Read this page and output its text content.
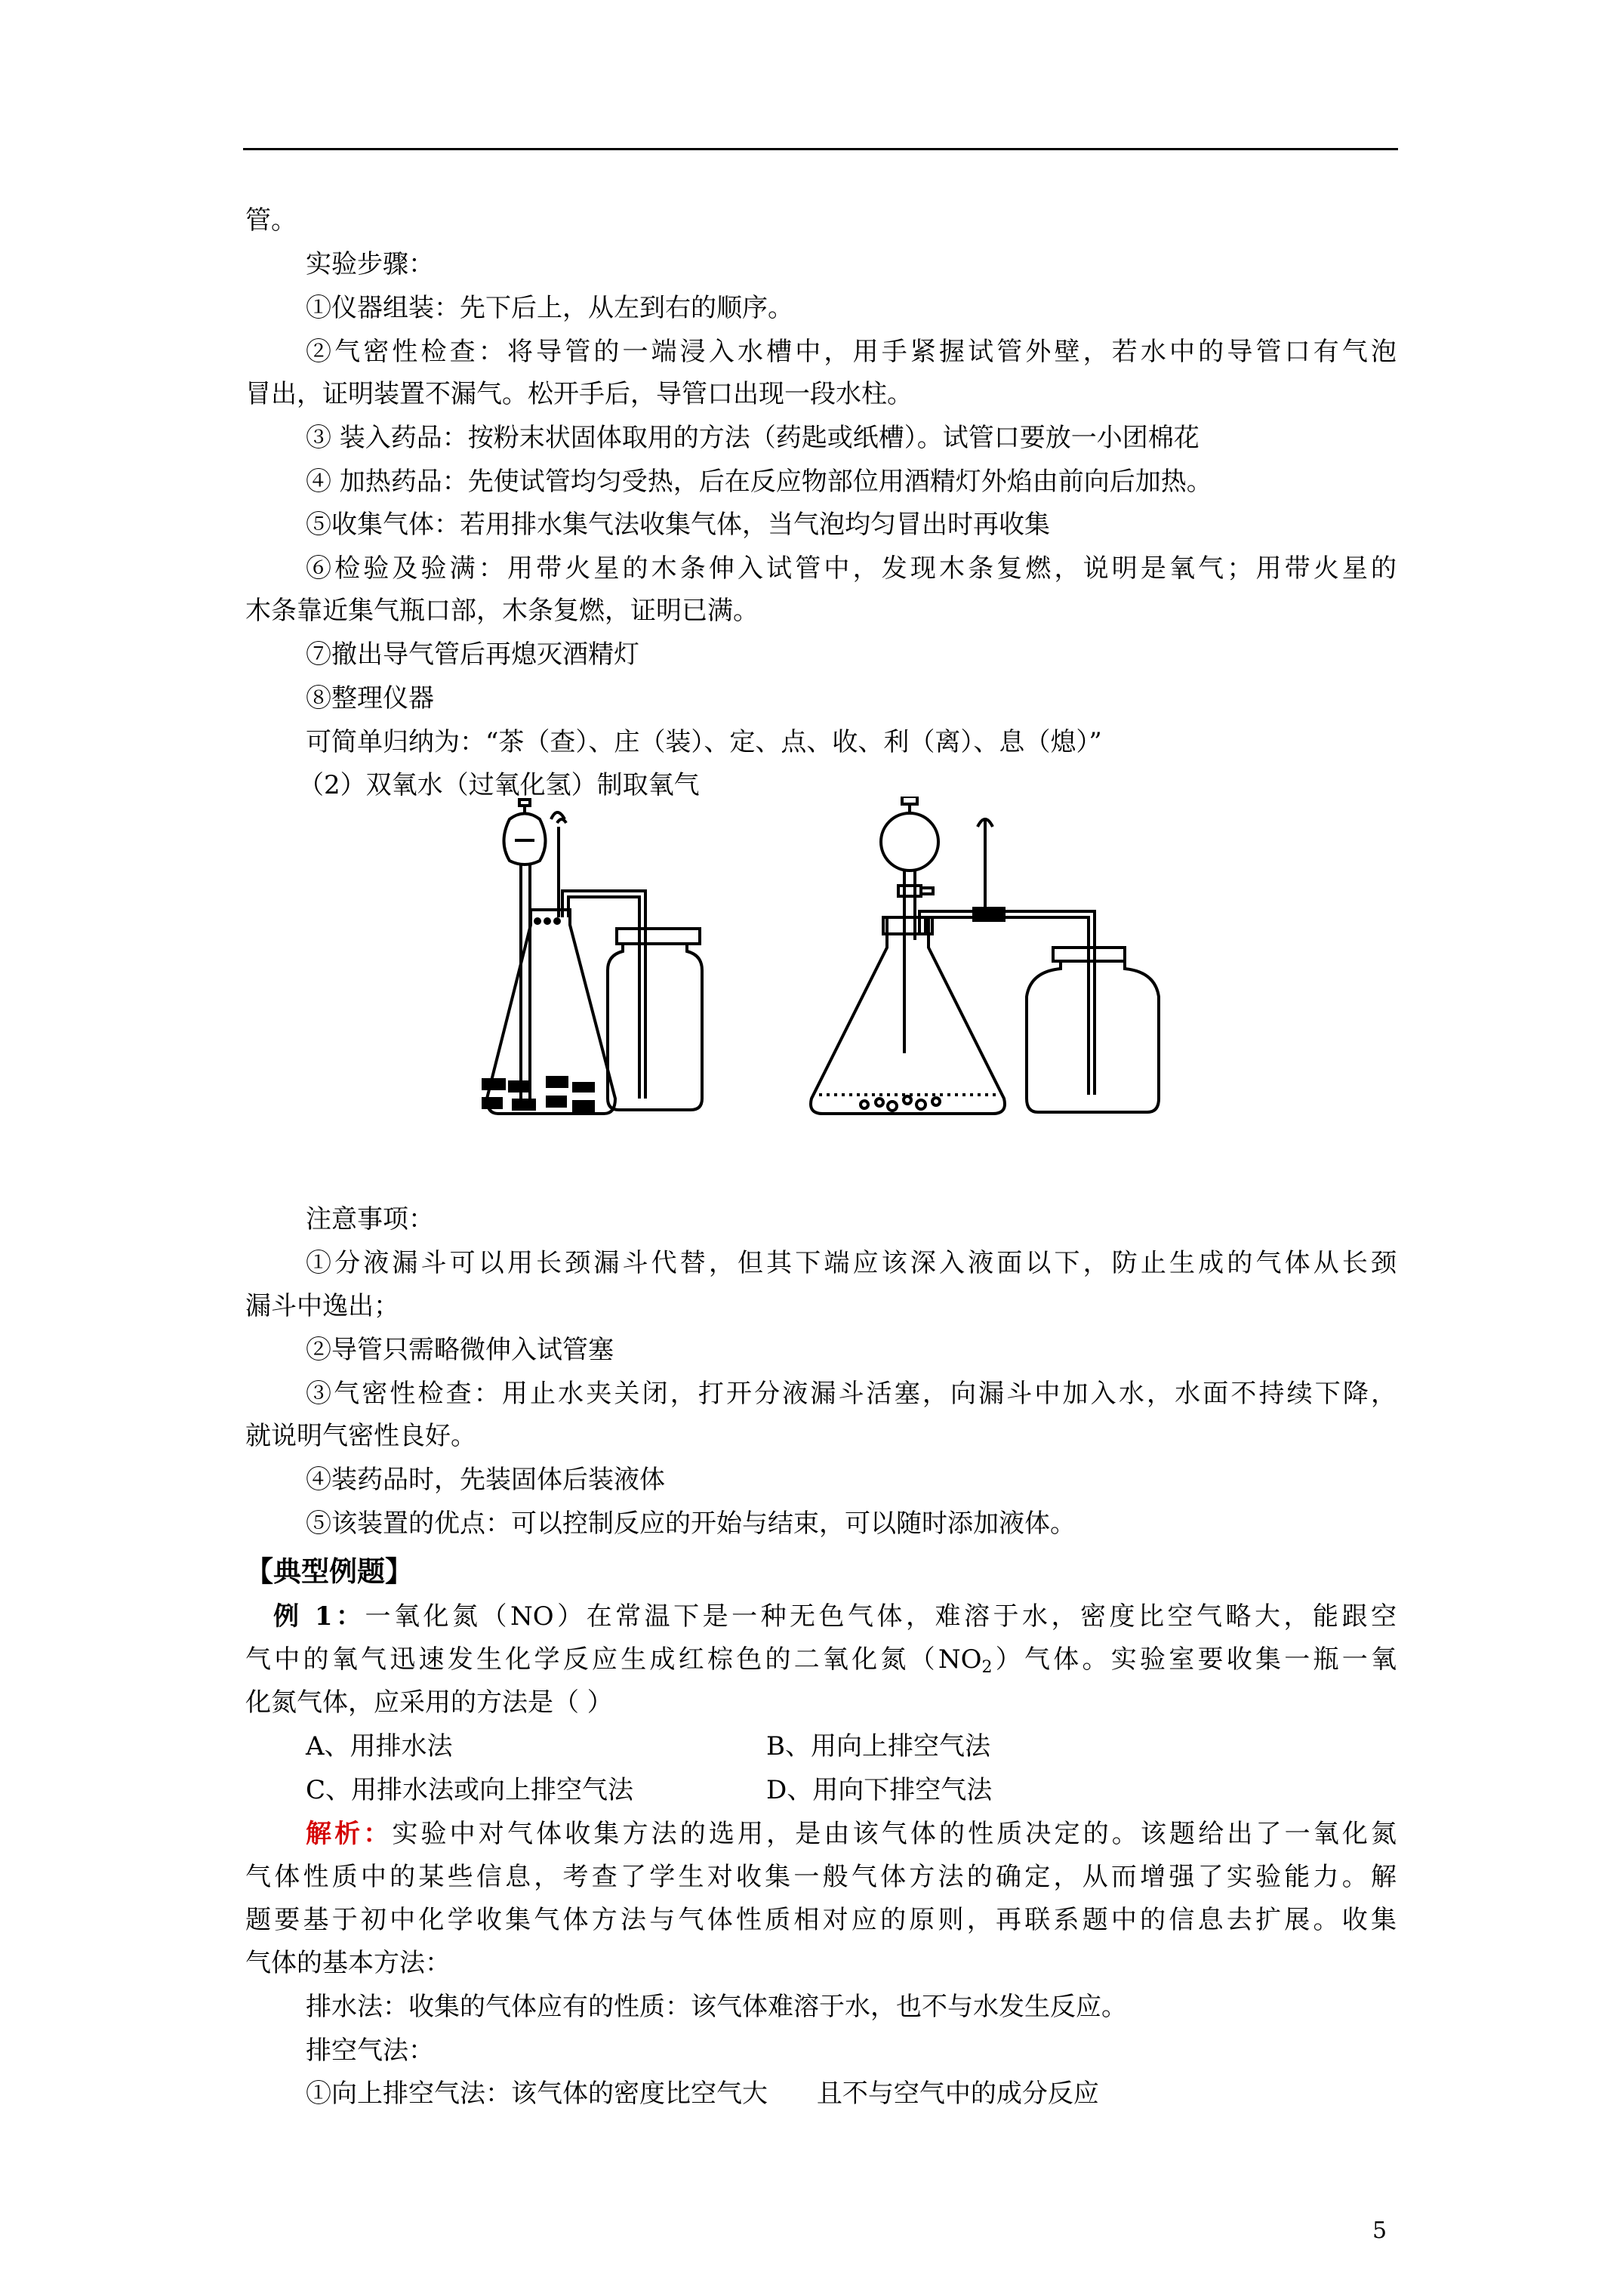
管。
实验步骤：
①仪器组装：先下后上，从左到右的顺序。
②气密性检查：将导管的一端浸入水槽中，用手紧握试管外壁，若水中的导管口有气泡
冒出，证明装置不漏气。松开手后，导管口出现一段水柱。
③ 装入药品：按粉末状固体取用的方法（药匙或纸槽）。试管口要放一小团棉花
④ 加热药品：先使试管均匀受热，后在反应物部位用酒精灯外焰由前向后加热。
⑤收集气体：若用排水集气法收集气体，当气泡均匀冒出时再收集
⑥检验及验满：用带火星的木条伸入试管中，发现木条复燃，说明是氧气；用带火星的
木条靠近集气瓶口部，木条复燃，证明已满。
⑦撤出导气管后再熄灭酒精灯
⑧整理仪器
可简单归纳为：“茶（查）、庄（装）、定、点、收、利（离）、息（熄）”
（2）双氧水（过氧化氢）制取氧气
注意事项：
①分液漏斗可以用长颈漏斗代替，但其下端应该深入液面以下，防止生成的气体从长颈
漏斗中逸出；
②导管只需略微伸入试管塞
③气密性检查：用止水夹关闭，打开分液漏斗活塞，向漏斗中加入水，水面不持续下降，
就说明气密性良好。
④装药品时，先装固体后装液体
⑤该装置的优点：可以控制反应的开始与结束，可以随时添加液体。
【典型例题】
例 1：一氧化氮（NO）在常温下是一种无色气体，难溶于水，密度比空气略大，能跟空
气中的氧气迅速发生化学反应生成红棕色的二氧化氮$(NO_2)$气体。实验室要收集一瓶一氧
化氮气体，应采用的方法是（ ）
A、用排水法	B、用向上排空气法
C、用排水法或向上排空气法	D、用向下排空气法
解析：实验中对气体收集方法的选用，是由该气体的性质决定的。该题给出了一氧化氮
气体性质中的某些信息，考查了学生对收集一般气体方法的确定，从而增强了实验能力。解
题要基于初中化学收集气体方法与气体性质相对应的原则，再联系题中的信息去扩展。收集
气体的基本方法：
排水法：收集的气体应有的性质：该气体难溶于水，也不与水发生反应。
排空气法：
①向上排空气法：该气体的密度比空气大      且不与空气中的成分反应
5
